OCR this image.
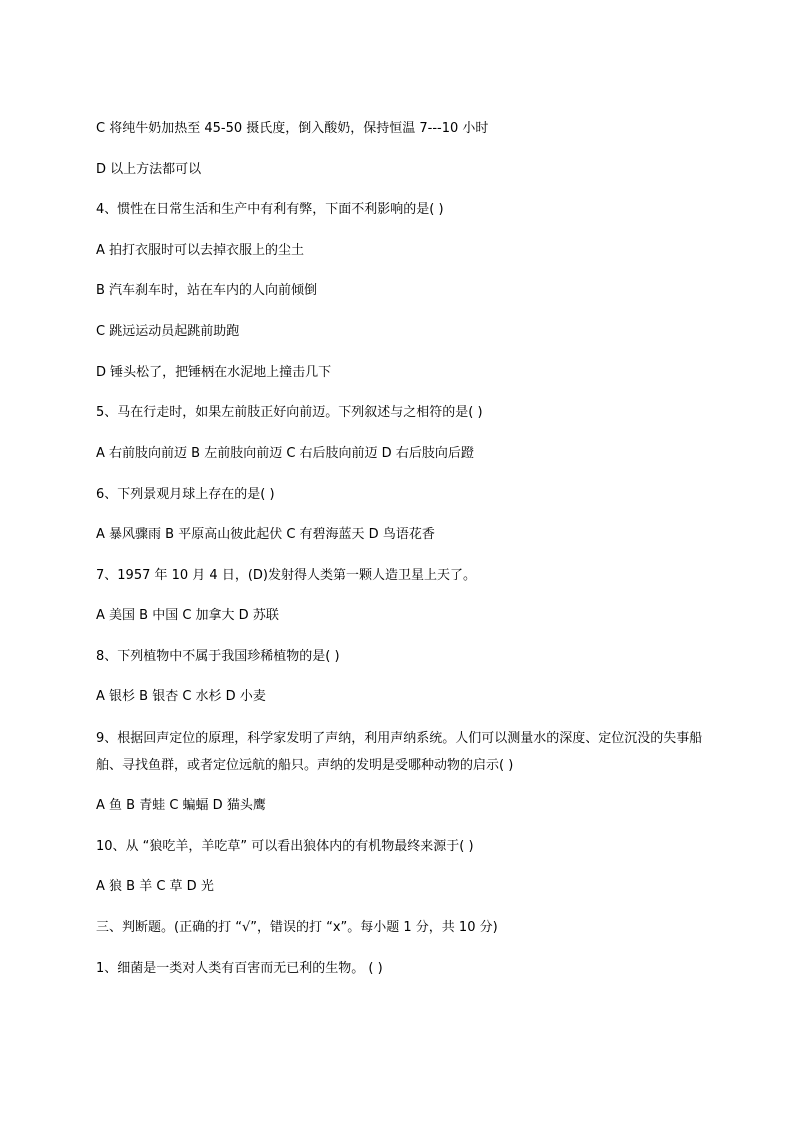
C 将纯牛奶加热至 45-50 摄氏度，倒入酸奶，保持恒温 7---10 小时
D 以上方法都可以
4、惯性在日常生活和生产中有利有弊，下面不利影响的是( )
A 拍打衣服时可以去掉衣服上的尘土
B 汽车刹车时，站在车内的人向前倾倒
C 跳远运动员起跳前助跑
D 锤头松了，把锤柄在水泥地上撞击几下
5、马在行走时，如果左前肢正好向前迈。下列叙述与之相符的是( )
A 右前肢向前迈 B 左前肢向前迈 C 右后肢向前迈 D 右后肢向后蹬
6、下列景观月球上存在的是( )
A 暴风骤雨 B 平原高山彼此起伏 C 有碧海蓝天 D 鸟语花香
7、1957 年 10 月 4 日，(D)发射得人类第一颗人造卫星上天了。
A 美国 B 中国 C 加拿大 D 苏联
8、下列植物中不属于我国珍稀植物的是( )
A 银杉 B 银杏 C 水杉 D 小麦
9、根据回声定位的原理，科学家发明了声纳，利用声纳系统。人们可以测量水的深度、定位沉没的失事船舶、寻找鱼群，或者定位远航的船只。声纳的发明是受哪种动物的启示( )
A 鱼 B 青蛙 C 蝙蝠 D 猫头鹰
10、从 “狼吃羊，羊吃草” 可以看出狼体内的有机物最终来源于( )
A 狼 B 羊 C 草 D 光
三、判断题。(正确的打 “√”，错误的打 “x”。每小题 1 分，共 10 分)
1、细菌是一类对人类有百害而无已利的生物。 ( )
